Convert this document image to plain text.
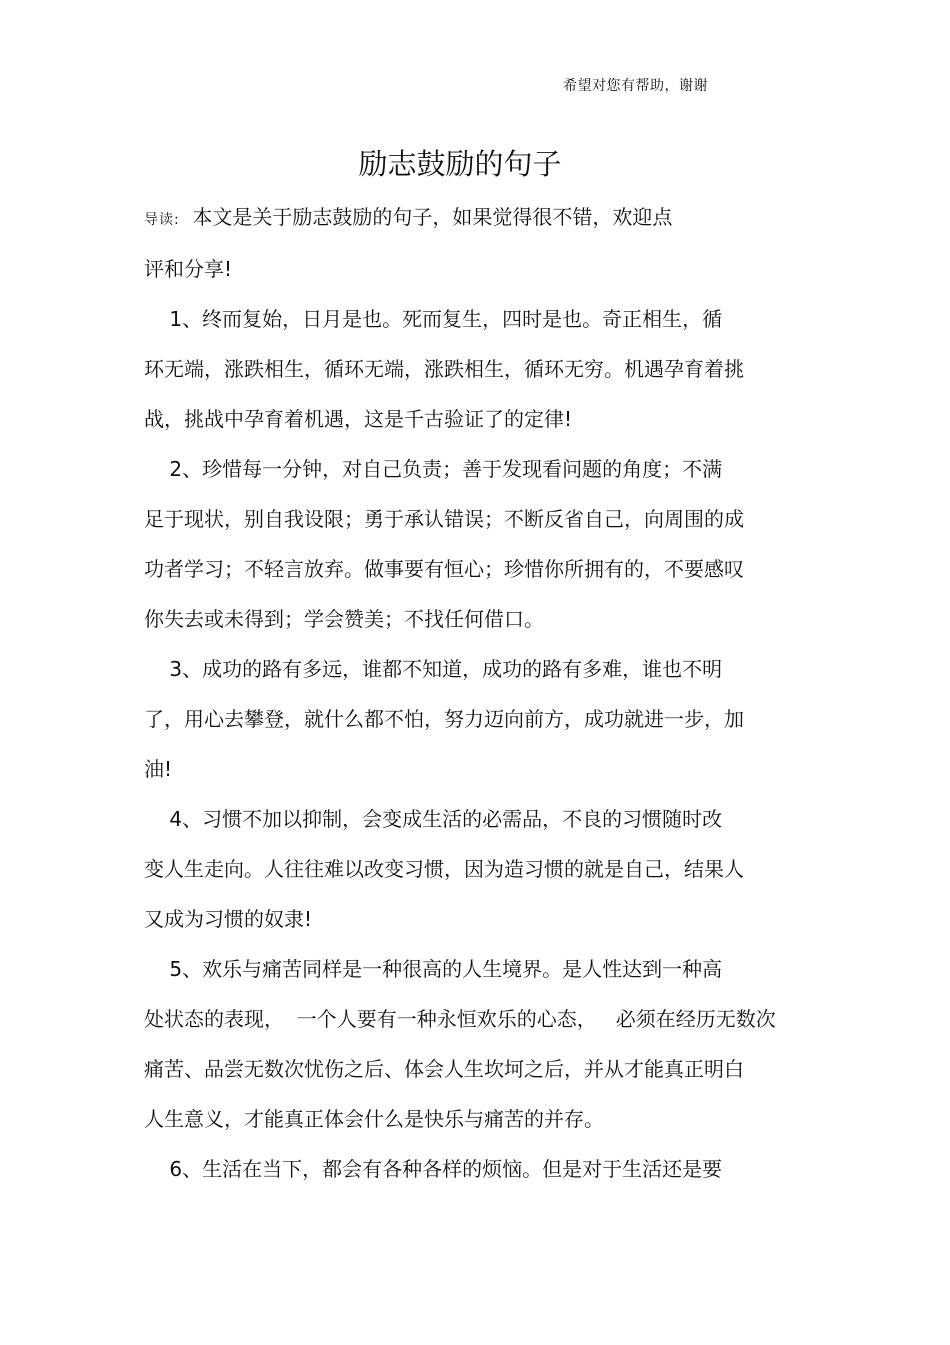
希望对您有帮助，谢谢
励志鼓励的句子
导读:  本文是关于励志鼓励的句子，如果觉得很不错，欢迎点
评和分享!
1、终而复始，日月是也。死而复生，四时是也。奇正相生，循
环无端，涨跌相生，循环无端，涨跌相生，循环无穷。机遇孕育着挑
战，挑战中孕育着机遇，这是千古验证了的定律!
2、珍惜每一分钟，对自己负责；善于发现看问题的角度；不满
足于现状，别自我设限；勇于承认错误；不断反省自己，向周围的成
功者学习；不轻言放弃。做事要有恒心；珍惜你所拥有的，不要感叹
你失去或未得到；学会赞美；不找任何借口。
3、成功的路有多远，谁都不知道，成功的路有多难，谁也不明
了，用心去攀登，就什么都不怕，努力迈向前方，成功就进一步，加
油!
4、习惯不加以抑制，会变成生活的必需品，不良的习惯随时改
变人生走向。人往往难以改变习惯，因为造习惯的就是自己，结果人
又成为习惯的奴隶!
5、欢乐与痛苦同样是一种很高的人生境界。是人性达到一种高
处状态的表现，  一个人要有一种永恒欢乐的心态，   必须在经历无数次
痛苦、品尝无数次忧伤之后、体会人生坎坷之后，并从才能真正明白
人生意义，才能真正体会什么是快乐与痛苦的并存。
6、生活在当下，都会有各种各样的烦恼。但是对于生活还是要
